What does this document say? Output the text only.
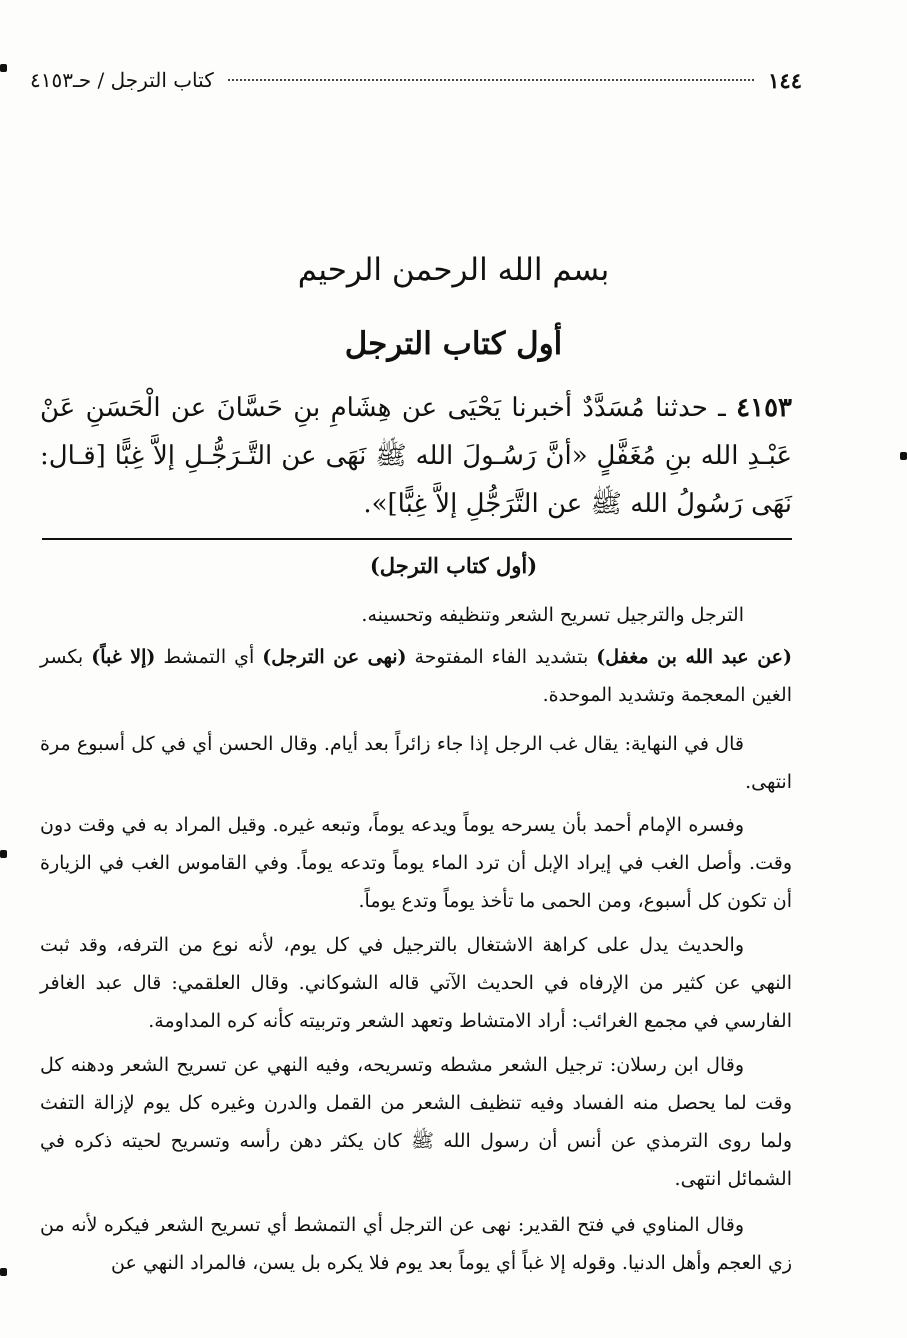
١٤٤
كتاب الترجل / حـ٤١٥٣
بسم الله الرحمن الرحيم
أول كتاب الترجل
٤١٥٣ ـ حدثنا مُسَدَّدٌ أخبرنا يَحْيَى عن هِشَامِ بنِ حَسَّانَ عن الْحَسَنِ عَنْ عَبْـدِ الله بنِ مُغَفَّلٍ «أنَّ رَسُـولَ الله ﷺ نَهَى عن التَّـرَجُّـلِ إلاَّ غِبًّا [قـال: نَهَى رَسُولُ الله ﷺ عن التَّرَجُّلِ إلاَّ غِبًّا]».
(أول كتاب الترجل)

الترجل والترجيل تسريح الشعر وتنظيفه وتحسينه.

(عن عبد الله بن مغفل) بتشديد الفاء المفتوحة (نهى عن الترجل) أي التمشط (إلا غباً) بكسر الغين المعجمة وتشديد الموحدة.

قال في النهاية: يقال غب الرجل إذا جاء زائراً بعد أيام. وقال الحسن أي في كل أسبوع مرة انتهى.

وفسره الإمام أحمد بأن يسرحه يوماً ويدعه يوماً، وتبعه غيره. وقيل المراد به في وقت دون وقت. وأصل الغب في إيراد الإبل أن ترد الماء يوماً وتدعه يوماً. وفي القاموس الغب في الزيارة أن تكون كل أسبوع، ومن الحمى ما تأخذ يوماً وتدع يوماً.

والحديث يدل على كراهة الاشتغال بالترجيل في كل يوم، لأنه نوع من الترفه، وقد ثبت النهي عن كثير من الإرفاه في الحديث الآتي قاله الشوكاني. وقال العلقمي: قال عبد الغافر الفارسي في مجمع الغرائب: أراد الامتشاط وتعهد الشعر وتربيته كأنه كره المداومة.

وقال ابن رسلان: ترجيل الشعر مشطه وتسريحه، وفيه النهي عن تسريح الشعر ودهنه كل وقت لما يحصل منه الفساد وفيه تنظيف الشعر من القمل والدرن وغيره كل يوم لإزالة التفث ولما روى الترمذي عن أنس أن رسول الله ﷺ كان يكثر دهن رأسه وتسريح لحيته ذكره في الشمائل انتهى.

وقال المناوي في فتح القدير: نهى عن الترجل أي التمشط أي تسريح الشعر فيكره لأنه من زي العجم وأهل الدنيا. وقوله إلا غباً أي يوماً بعد يوم فلا يكره بل يسن، فالمراد النهي عن
